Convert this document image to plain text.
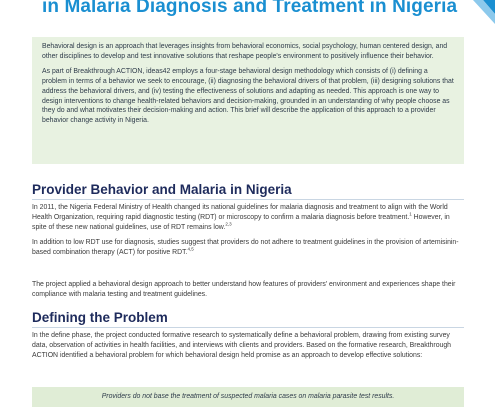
in Malaria Diagnosis and Treatment in Nigeria

Behavioral design is an approach that leverages insights from behavioral economics, social psychology, human centered design, and other disciplines to develop and test innovative solutions that reshape people's environment to positively influence their behavior.

As part of Breakthrough ACTION, ideas42 employs a four-stage behavioral design methodology which consists of (i) defining a problem in terms of a behavior we seek to encourage, (ii) diagnosing the behavioral drivers of that problem, (iii) designing solutions that address the behavioral drivers, and (iv) testing the effectiveness of solutions and adapting as needed. This approach is one way to design interventions to change health-related behaviors and decision-making, grounded in an understanding of why people choose as they do and what motivates their decision-making and action. This brief will describe the application of this approach to a provider behavior change activity in Nigeria.

Provider Behavior and Malaria in Nigeria

In 2011, the Nigeria Federal Ministry of Health changed its national guidelines for malaria diagnosis and treatment to align with the World Health Organization, requiring rapid diagnostic testing (RDT) or microscopy to confirm a malaria diagnosis before treatment.$^1$ However, in spite of these new national guidelines, use of RDT remains low.$^{2,3}$

In addition to low RDT use for diagnosis, studies suggest that providers do not adhere to treatment guidelines in the provision of artemisinin-based combination therapy (ACT) for positive RDT.$^{4,5}$

The project applied a behavioral design approach to better understand how features of providers' environment and experiences shape their compliance with malaria testing and treatment guidelines.

Defining the Problem

In the define phase, the project conducted formative research to systematically define a behavioral problem, drawing from existing survey data, observation of activities in health facilities, and interviews with clients and providers. Based on the formative research, Breakthrough ACTION identified a behavioral problem for which behavioral design held promise as an approach to develop effective solutions:

Providers do not base the treatment of suspected malaria cases on malaria parasite test results.
